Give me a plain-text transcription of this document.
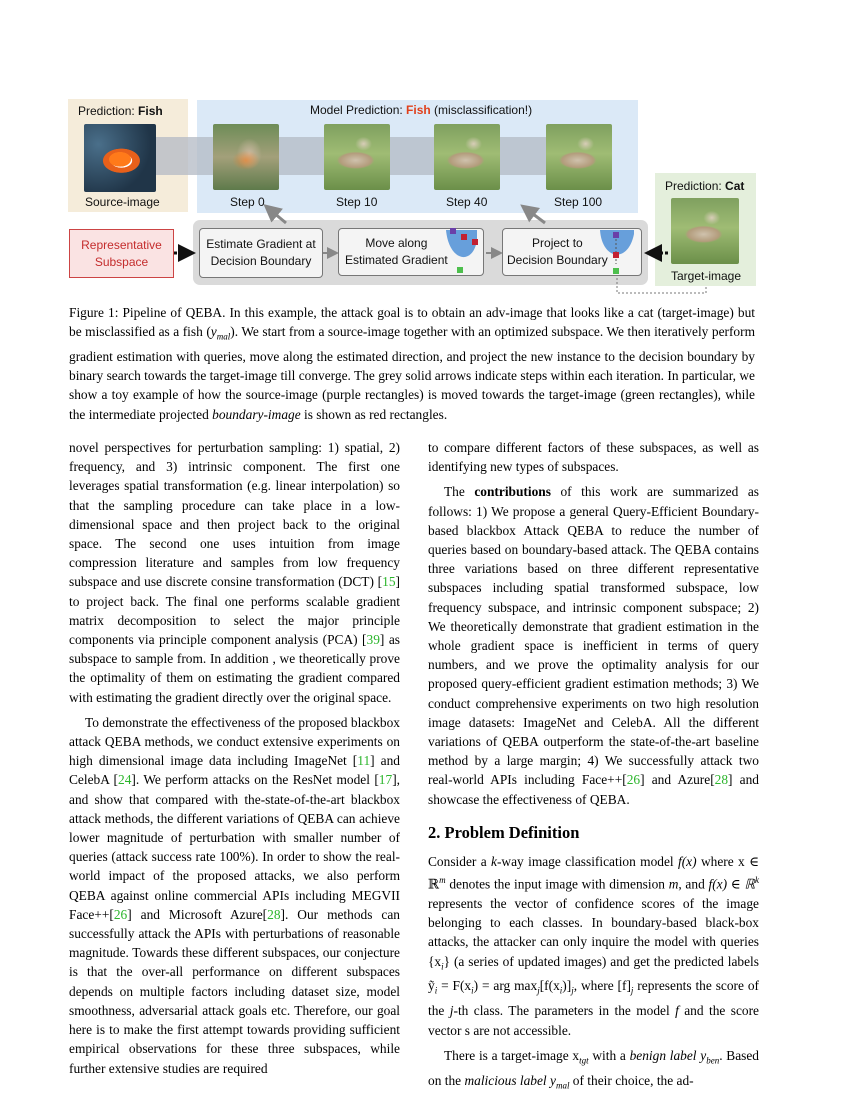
Prediction: Fish
Source-image
Model Prediction: Fish (misclassification!)
Step 0	Step 10	Step 40	Step 100
Prediction: Cat
Target-image
Representative
Subspace
Estimate Gradient at
Decision Boundary
Move along
Estimated Gradient
Project to
Decision Boundary
Figure 1: Pipeline of QEBA. In this example, the attack goal is to obtain an adv-image that looks like a cat (target-image) but be misclassified as a fish $(y_{mal})$. We start from a source-image together with an optimized subspace. We then iteratively perform gradient estimation with queries, move along the estimated direction, and project the new instance to the decision boundary by binary search towards the target-image till converge. The grey solid arrows indicate steps within each iteration. In particular, we show a toy example of how the source-image (purple rectangles) is moved towards the target-image (green rectangles), while the intermediate projected boundary-image is shown as red rectangles.

novel perspectives for perturbation sampling: 1) spatial, 2) frequency, and 3) intrinsic component. The first one leverages spatial transformation (e.g. linear interpolation) so that the sampling procedure can take place in a low-dimensional space and then project back to the original space. The second one uses intuition from image compression literature and samples from low frequency subspace and use discrete consine transformation (DCT) [15] to project back. The final one performs scalable gradient matrix decomposition to select the major principle components via principle component analysis (PCA) [39] as subspace to sample from. In addition , we theoretically prove the optimality of them on estimating the gradient compared with estimating the gradient directly over the original space.

To demonstrate the effectiveness of the proposed blackbox attack QEBA methods, we conduct extensive experiments on high dimensional image data including ImageNet [11] and CelebA [24]. We perform attacks on the ResNet model [17], and show that compared with the-state-of-the-art blackbox attack methods, the different variations of QEBA can achieve lower magnitude of perturbation with smaller number of queries (attack success rate 100%). In order to show the real-world impact of the proposed attacks, we also perform QEBA against online commercial APIs including MEGVII Face++[26] and Microsoft Azure[28]. Our methods can successfully attack the APIs with perturbations of reasonable magnitude. Towards these different subspaces, our conjecture is that the over-all performance on different subspaces depends on multiple factors including dataset size, model smoothness, adversarial attack goals etc. Therefore, our goal here is to make the first attempt towards providing sufficient empirical observations for these three subspaces, while further extensive studies are required

to compare different factors of these subspaces, as well as identifying new types of subspaces.

The contributions of this work are summarized as follows: 1) We propose a general Query-Efficient Boundary-based blackbox Attack QEBA to reduce the number of queries based on boundary-based attack. The QEBA contains three variations based on three different representative subspaces including spatial transformed subspace, low frequency subspace, and intrinsic component subspace; 2) We theoretically demonstrate that gradient estimation in the whole gradient space is inefficient in terms of query numbers, and we prove the optimality analysis for our proposed query-efficient gradient estimation methods; 3) We conduct comprehensive experiments on two high resolution image datasets: ImageNet and CelebA. All the different variations of QEBA outperform the state-of-the-art baseline method by a large margin; 4) We successfully attack two real-world APIs including Face++[26] and Azure[28] and showcase the effectiveness of QEBA.

2. Problem Definition

Consider a k-way image classification model f(x) where x ∈ ℝ$^m$ denotes the input image with dimension m, and f(x) ∈ ℝ$^k$ represents the vector of confidence scores of the image belonging to each classes. In boundary-based black-box attacks, the attacker can only inquire the model with queries $\{x_i\}$ (a series of updated images) and get the predicted labels ỹ$_i$ = $F(x_i)$ = arg $\max_j[f(x_i)]_j$, where $[f]_j$ represents the score of the j-th class. The parameters in the model f and the score vector s are not accessible.

There is a target-image $x_{tgt}$ with a benign label $y_{ben}$. Based on the malicious label $y_{mal}$ of their choice, the ad-
